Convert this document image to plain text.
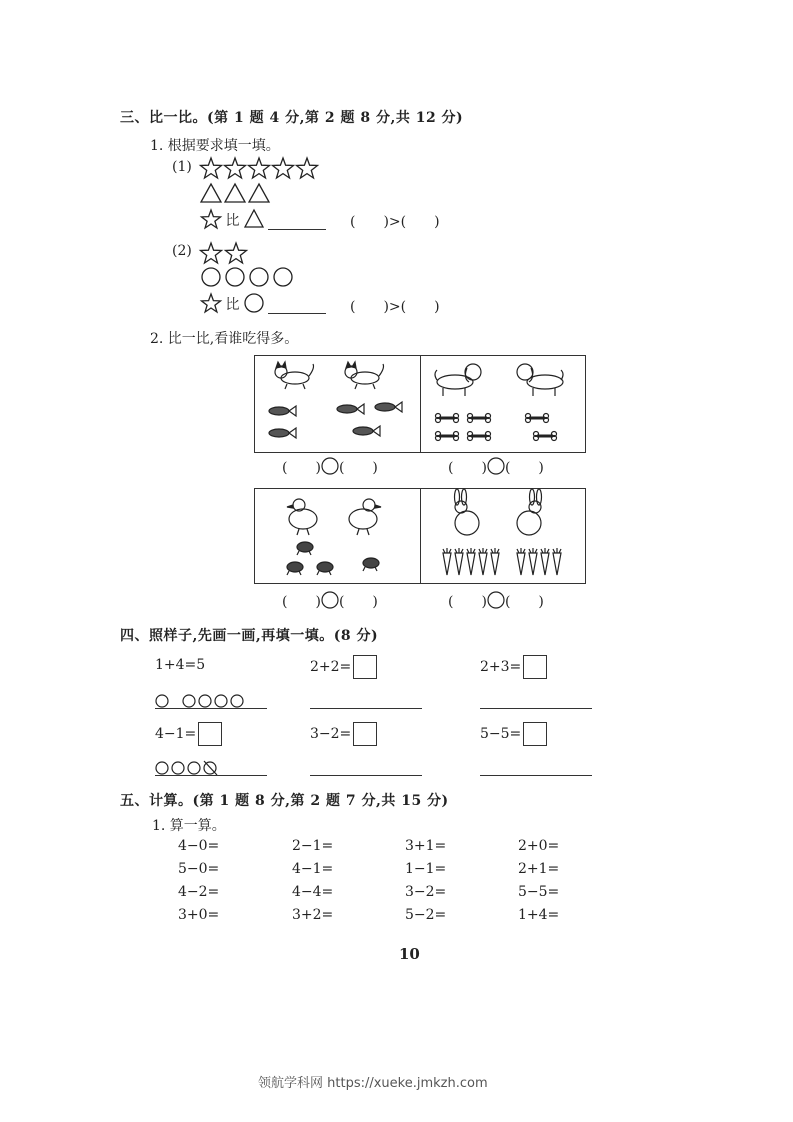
三、比一比。(第 1 题 4 分,第 2 题 8 分,共 12 分)
1. 根据要求填一填。
(1)
比	(　　)>(　　)
(2)
比	(　　)>(　　)
2. 比一比,看谁吃得多。
(　　) (　　)	(　　) (　　)
(　　) (　　)	(　　) (　　)
四、照样子,先画一画,再填一填。(8 分)
1+4=5	2+2=	2+3=
4−1=	3−2=	5−5=
五、计算。(第 1 题 8 分,第 2 题 7 分,共 15 分)
1. 算一算。
4−0=	2−1=	3+1=	2+0=
5−0=	4−1=	1−1=	2+1=
4−2=	4−4=	3−2=	5−5=
3+0=	3+2=	5−2=	1+4=
10
领航学科网 https://xueke.jmkzh.com
